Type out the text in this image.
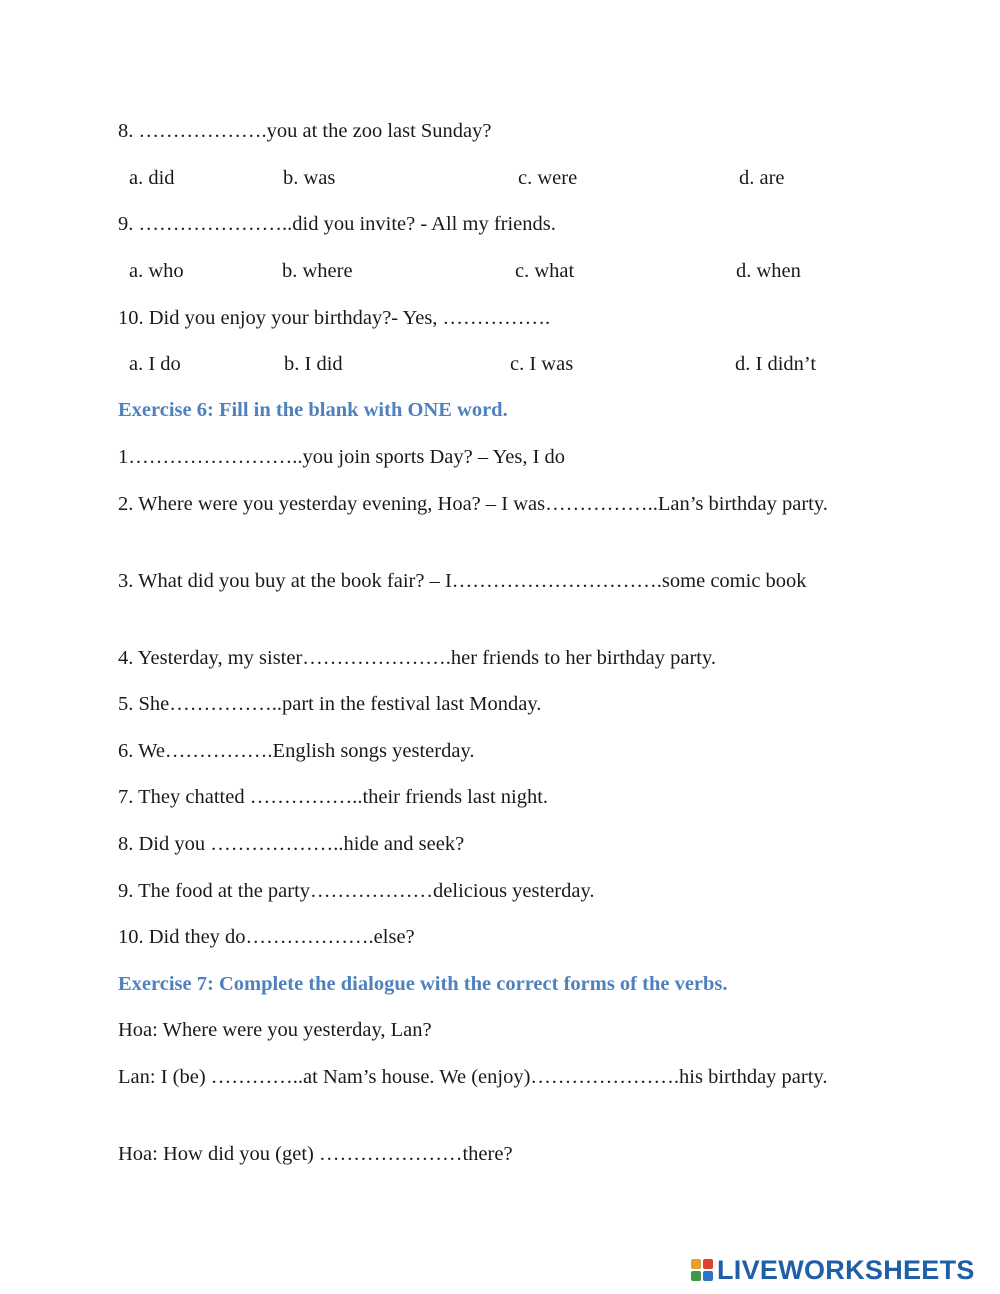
8. ……………….you at the zoo last Sunday?
a. did	b. was	c. were	d. are
9. …………………..did you invite? - All my friends.
a. who	b. where	c. what	d. when
10. Did you enjoy your birthday?- Yes, …………….
a. I do	b. I did	c. I was	d. I didn’t
Exercise 6: Fill in the blank with ONE word.
1……………………..you join sports Day? – Yes, I do
2. Where were you yesterday evening, Hoa? – I was……………..Lan’s birthday party.
3. What did you buy at the book fair? – I………………………….some comic book
4. Yesterday, my sister………………….her friends to her birthday party.
5. She……………..part in the festival last Monday.
6. We…………….English songs yesterday.
7. They chatted ……………..their friends last night.
8. Did you ………………..hide and seek?
9. The food at the party………………delicious yesterday.
10. Did they do……………….else?
Exercise 7: Complete the dialogue with the correct forms of the verbs.
Hoa: Where were you yesterday, Lan?
Lan: I (be) …………..at Nam’s house. We (enjoy)………………….his birthday party.
Hoa: How did you (get) …………………there?
LIVEWORKSHEETS
